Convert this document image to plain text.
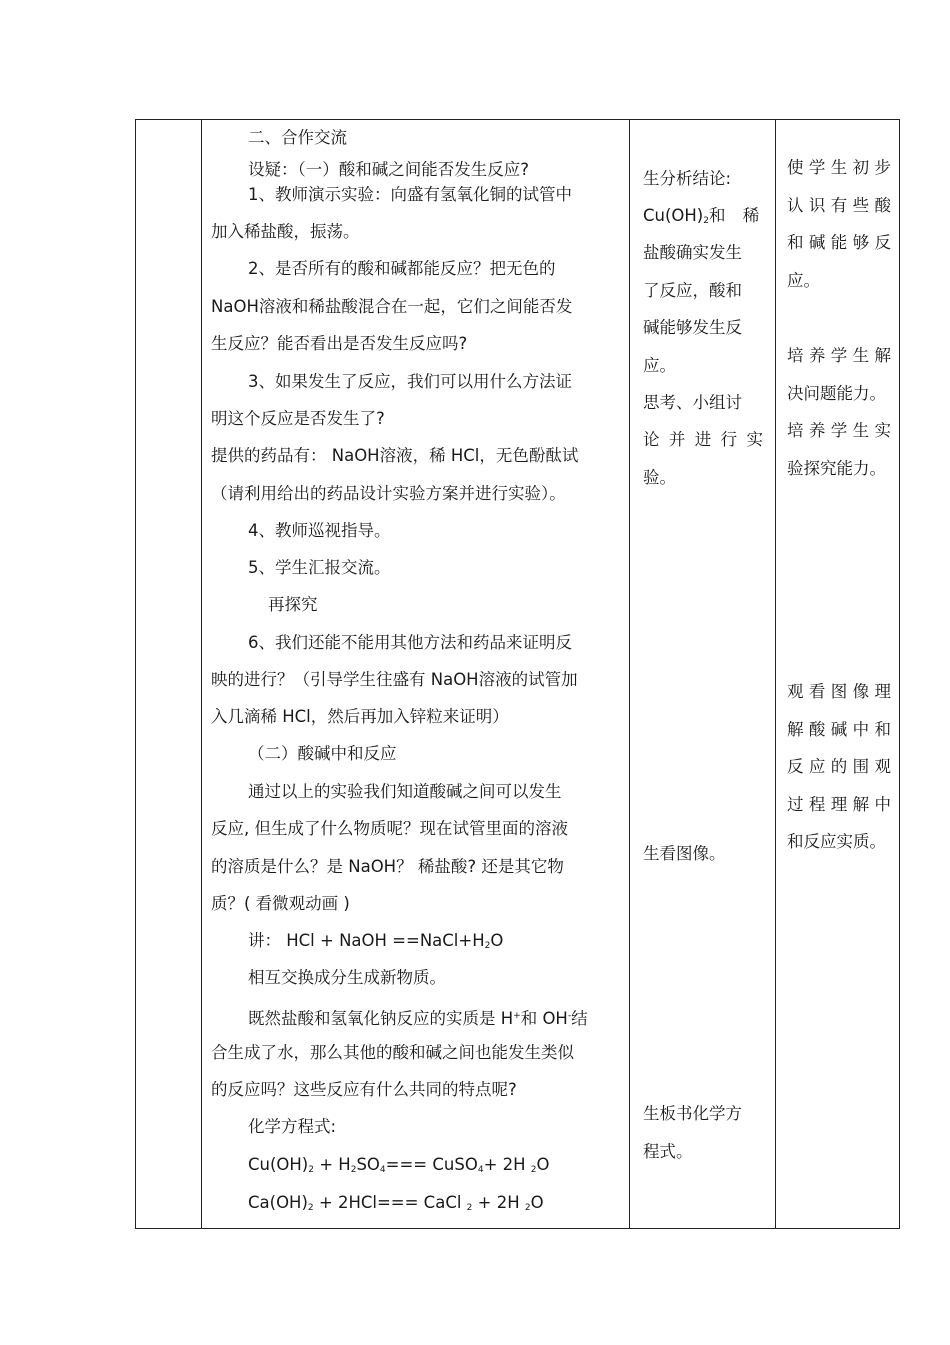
二、合作交流
设疑：（一）酸和碱之间能否发生反应?
1、教师演示实验：向盛有氢氧化铜的试管中
加入稀盐酸，振荡。
2、是否所有的酸和碱都能反应？把无色的
NaOH溶液和稀盐酸混合在一起，它们之间能否发
生反应？能否看出是否发生反应吗?
3、如果发生了反应，我们可以用什么方法证
明这个反应是否发生了?
提供的药品有： NaOH溶液，稀 HCl，无色酚酞试
（请利用给出的药品设计实验方案并进行实验）。
4、教师巡视指导。
5、学生汇报交流。
再探究
6、我们还能不能用其他方法和药品来证明反
映的进行？（引导学生往盛有 NaOH溶液的试管加
入几滴稀 HCl，然后再加入锌粒来证明）
（二）酸碱中和反应
通过以上的实验我们知道酸碱之间可以发生
反应, 但生成了什么物质呢？现在试管里面的溶液
的溶质是什么？是 NaOH？ 稀盐酸? 还是其它物
质？( 看微观动画 )
讲： HCl + NaOH $==NaCl+H_2O$
相互交换成分生成新物质。
既然盐酸和氢氧化钠反应的实质是 H+和 OH-结
合生成了水，那么其他的酸和碱之间也能发生类似
的反应吗？这些反应有什么共同的特点呢?
化学方程式:
$Cu(OH)_2 + H_2SO_4===$ CuSO$_4$+ 2H $_2$O
$Ca(OH)_2 + 2HCl===$ CaCl $_2$ + 2H $_2$O
生分析结论:
$Cu(OH)_2$ 和 稀
盐酸确实发生
了反应，酸和
碱能够发生反
应。
思考、小组讨
论并进行实
验。
生看图像。
生板书化学方
程式。
使学生初步
认识有些酸
和碱能够反
应。
培养学生解
决问题能力。
培养学生实
验探究能力。
观看图像理
解酸碱中和
反应的围观
过程理解中
和反应实质。
